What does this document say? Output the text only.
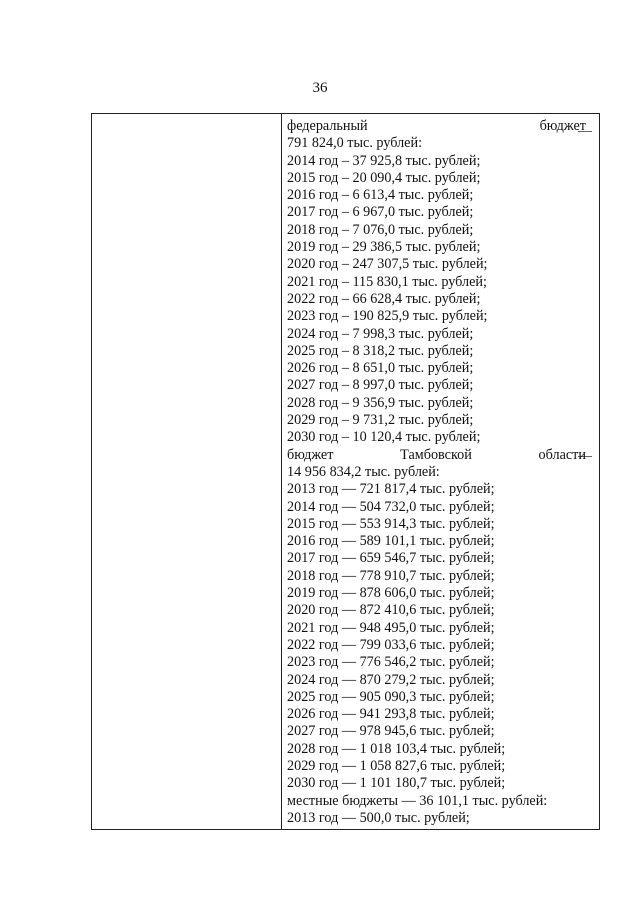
36
федеральный	бюджет
791 824,0 тыс. рублей:
2014 год – 37 925,8 тыс. рублей;
2015 год – 20 090,4 тыс. рублей;
2016 год – 6 613,4 тыс. рублей;
2017 год – 6 967,0 тыс. рублей;
2018 год – 7 076,0 тыс. рублей;
2019 год – 29 386,5 тыс. рублей;
2020 год – 247 307,5 тыс. рублей;
2021 год – 115 830,1 тыс. рублей;
2022 год – 66 628,4 тыс. рублей;
2023 год – 190 825,9 тыс. рублей;
2024 год – 7 998,3 тыс. рублей;
2025 год – 8 318,2 тыс. рублей;
2026 год – 8 651,0 тыс. рублей;
2027 год – 8 997,0 тыс. рублей;
2028 год – 9 356,9 тыс. рублей;
2029 год – 9 731,2 тыс. рублей;
2030 год – 10 120,4 тыс. рублей;
бюджет	Тамбовской	области
14 956 834,2 тыс. рублей:
2013 год — 721 817,4 тыс. рублей;
2014 год — 504 732,0 тыс. рублей;
2015 год — 553 914,3 тыс. рублей;
2016 год — 589 101,1 тыс. рублей;
2017 год — 659 546,7 тыс. рублей;
2018 год — 778 910,7 тыс. рублей;
2019 год — 878 606,0 тыс. рублей;
2020 год — 872 410,6 тыс. рублей;
2021 год — 948 495,0 тыс. рублей;
2022 год — 799 033,6 тыс. рублей;
2023 год — 776 546,2 тыс. рублей;
2024 год — 870 279,2 тыс. рублей;
2025 год — 905 090,3 тыс. рублей;
2026 год — 941 293,8 тыс. рублей;
2027 год — 978 945,6 тыс. рублей;
2028 год — 1 018 103,4 тыс. рублей;
2029 год — 1 058 827,6 тыс. рублей;
2030 год — 1 101 180,7 тыс. рублей;
местные бюджеты — 36 101,1 тыс. рублей:
2013 год — 500,0 тыс. рублей;
